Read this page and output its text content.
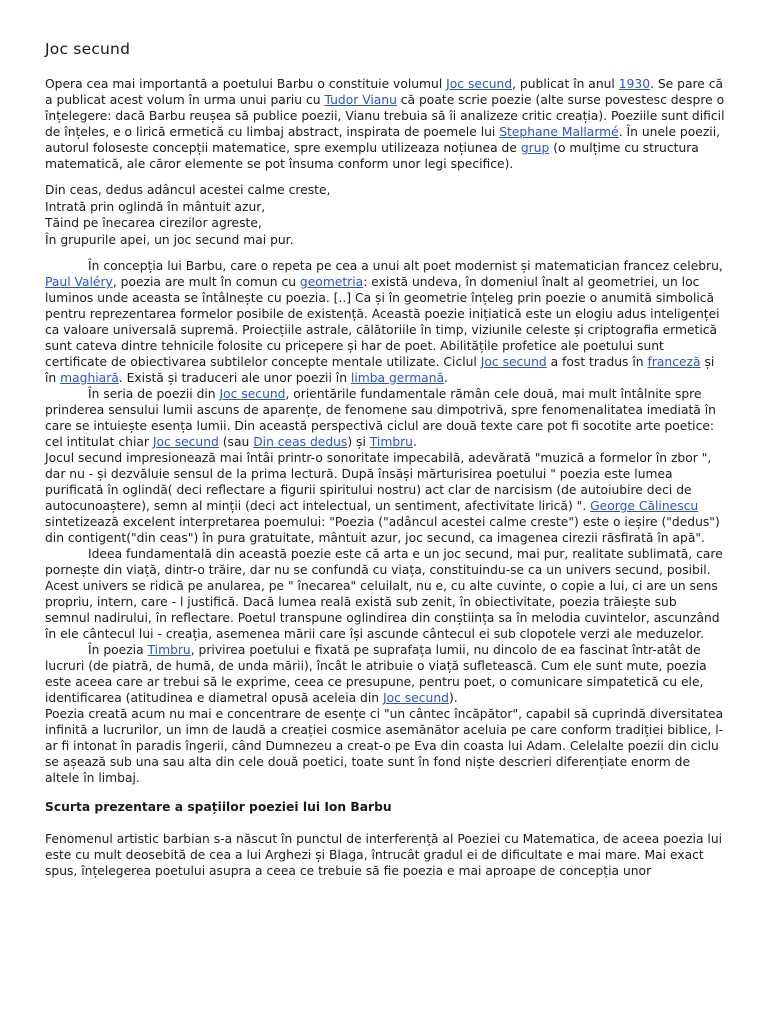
Joc secund

Opera cea mai importantă a poetului Barbu o constituie volumul Joc secund, publicat în anul 1930. Se pare că a publicat acest volum în urma unui pariu cu Tudor Vianu că poate scrie poezie (alte surse povestesc despre o înțelegere: dacă Barbu reușea să publice poezii, Vianu trebuia să îi analizeze critic creația). Poeziile sunt dificil de înțeles, e o lirică ermetică cu limbaj abstract, inspirata de poemele lui Stephane Mallarmé. În unele poezii, autorul foloseste concepții matematice, spre exemplu utilizeaza noțiunea de grup (o mulțime cu structura matematică, ale căror elemente se pot însuma conform unor legi specifice).

Din ceas, dedus adâncul acestei calme creste,
Intrată prin oglindă în mântuit azur,
Tăind pe înecarea cirezilor agreste,
În grupurile apei, un joc secund mai pur.

În concepția lui Barbu, care o repeta pe cea a unui alt poet modernist și matematician francez celebru, Paul Valéry, poezia are mult în comun cu geometria: există undeva, în domeniul înalt al geometriei, un loc luminos unde aceasta se întâlnește cu poezia. [..] Ca și în geometrie înțeleg prin poezie o anumită simbolică pentru reprezentarea formelor posibile de existență. Această poezie inițiatică este un elogiu adus inteligenței ca valoare universală supremă. Proiecțiile astrale, călătoriile în timp, viziunile celeste și criptografia ermetică sunt cateva dintre tehnicile folosite cu pricepere și har de poet. Abilitățile profetice ale poetului sunt certificate de obiectivarea subtilelor concepte mentale utilizate. Ciclul Joc secund a fost tradus în franceză și în maghiară. Există și traduceri ale unor poezii în limba germană.

În seria de poezii din Joc secund, orientările fundamentale rămân cele două, mai mult întâlnite spre prinderea sensului lumii ascuns de aparențe, de fenomene sau dimpotrivă, spre fenomenalitatea imediată în care se intuiește esența lumii. Din această perspectivă ciclul are două texte care pot fi socotite arte poetice: cel intitulat chiar Joc secund (sau Din ceas dedus) și Timbru.

Jocul secund impresionează mai întâi printr-o sonoritate impecabilă, adevărată "muzică a formelor în zbor ", dar nu - și dezvăluie sensul de la prima lectură. După însăși mărturisirea poetului " poezia este lumea purificată în oglindă( deci reflectare a figurii spiritului nostru) act clar de narcisism (de autoiubire deci de autocunoaștere), semn al minții (deci act intelectual, un sentiment, afectivitate lirică) ". George Călinescu sintetizează excelent interpretarea poemului: "Poezia ("adâncul acestei calme creste") este o ieșire ("dedus") din contigent("din ceas") în pura gratuitate, mântuit azur, joc secund, ca imagenea cirezii răsfirată în apă".

Ideea fundamentală din această poezie este că arta e un joc secund, mai pur, realitate sublimată, care pornește din viață, dintr-o trăire, dar nu se confundă cu viața, constituindu-se ca un univers secund, posibil. Acest univers se ridică pe anularea, pe " înecarea" celuilalt, nu e, cu alte cuvinte, o copie a lui, ci are un sens propriu, intern, care - l justifică. Dacă lumea reală există sub zenit, în obiectivitate, poezia trăiește sub semnul nadirului, în reflectare. Poetul transpune oglindirea din conștiința sa în melodia cuvintelor, ascunzând în ele cântecul lui - creația, asemenea mării care își ascunde cântecul ei sub clopotele verzi ale meduzelor.

În poezia Timbru, privirea poetului e fixată pe suprafața lumii, nu dincolo de ea fascinat într-atât de lucruri (de piatră, de humă, de unda mării), încât le atribuie o viață sufletească. Cum ele sunt mute, poezia este aceea care ar trebui să le exprime, ceea ce presupune, pentru poet, o comunicare simpatetică cu ele, identificarea (atitudinea e diametral opusă aceleia din Joc secund).

Poezia creată acum nu mai e concentrare de esențe ci "un cântec încăpător", capabil să cuprindă diversitatea infinită a lucrurilor, un imn de laudă a creației cosmice asemănător aceluia pe care conform tradiției biblice, l-ar fi intonat în paradis îngerii, când Dumnezeu a creat-o pe Eva din coasta lui Adam. Celelalte poezii din ciclu se așează sub una sau alta din cele două poetici, toate sunt în fond niște descrieri diferențiate enorm de altele în limbaj.

Scurta prezentare a spațiilor poeziei lui Ion Barbu

Fenomenul artistic barbian s-a născut în punctul de interferență al Poeziei cu Matematica, de aceea poezia lui este cu mult deosebită de cea a lui Arghezi și Blaga, întrucât gradul ei de dificultate e mai mare. Mai exact spus, înțelegerea poetului asupra a ceea ce trebuie să fie poezia e mai aproape de concepția unor
